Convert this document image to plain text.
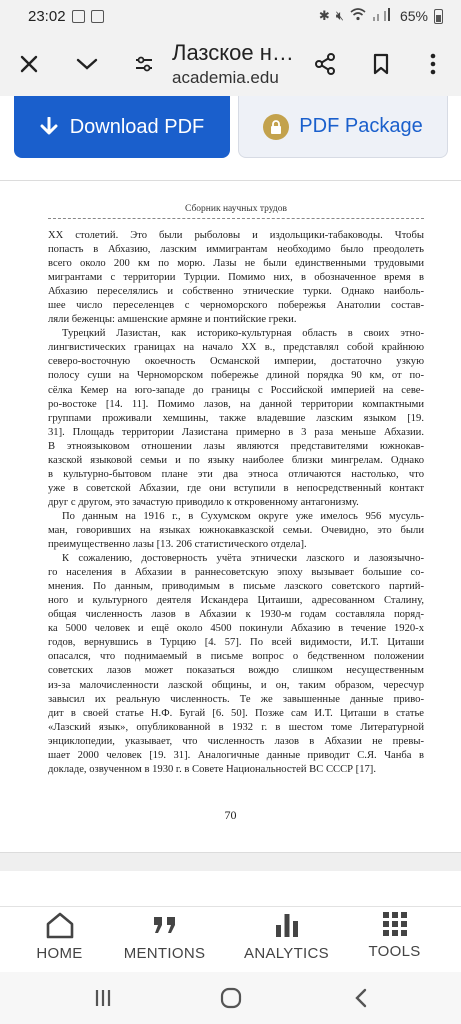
23:02	✱ 🔇︎	65%
Лазское н…
academia.edu
Download PDF	PDF Package
Сборник научных трудов
XX столетий. Это были рыболовы и издольщики-табаководы. Чтобы
попасть в Абхазию, лазским иммигрантам необходимо было преодолеть
всего около 200 км по морю. Лазы не были единственными трудовыми
мигрантами с территории Турции. Помимо них, в обозначенное время в
Абхазию переселялись и собственно этнические турки. Однако наиболь-
шее число переселенцев с черноморского побережья Анатолии состав-
ляли беженцы: амшенские армяне и понтийские греки.
Турецкий Лазистан, как историко-культурная область в своих этно-
лингвистических границах на начало XX в., представлял собой крайнюю
северо-восточную окоечность Османской империи, достаточно узкую
полосу суши на Черноморском побережье длиной порядка 90 км, от по-
сёлка Кемер на юго-западе до границы с Российской империей на севе-
ро-востоке [14. 11]. Помимо лазов, на данной территории компактными
группами проживали хемшины, также владевшие лазским языком [19.
31]. Площадь территории Лазистана примерно в 3 раза меньше Абхазии.
В этноязыковом отношении лазы являются представителями южнокав-
казской языковой семьи и по языку наиболее близки мингрелам. Однако
в культурно-бытовом плане эти два этноса отличаются настолько, что
уже в советской Абхазии, где они вступили в непосредственный контакт
друг с другом, это зачастую приводило к откровенному антагонизму.
По данным на 1916 г., в Сухумском округе уже имелось 956 мусуль-
ман, говоривших на языках южнокавказской семьи. Очевидно, это были
преимущественно лазы [13. 206 статистического отдела].
К сожалению, достоверность учёта этнически лазского и лазоязычно-
го населения в Абхазии в раннесоветскую эпоху вызывает большие со-
мнения. По данным, приводимым в письме лазского советского партий-
ного и культурного деятеля Искандера Цитаиши, адресованном Сталину,
общая численность лазов в Абхазии к 1930-м годам составляла поряд-
ка 5000 человек и ещё около 4500 покинули Абхазию в течение 1920-х
годов, вернувшись в Турцию [4. 57]. По всей видимости, И.Т. Циташи
опасался, что поднимаемый в письме вопрос о бедственном положении
советских лазов может показаться вождю слишком несущественным
из-за малочисленности лазской общины, и он, таким образом, чересчур
завысил их реальную численность. Те же завышенные данные приво-
дит в своей статье Н.Ф. Бугай [6. 50]. Позже сам И.Т. Циташи в статье
«Лазский язык», опубликованной в 1932 г. в шестом томе Литературной
энциклопедии, указывает, что численность лазов в Абхазии не превы-
шает 2000 человек [19. 31]. Аналогичные данные приводит С.Я. Чанба в
докладе, озвученном в 1930 г. в Совете Национальностей ВС СССР [17].
70
HOME	MENTIONS	ANALYTICS	TOOLS
